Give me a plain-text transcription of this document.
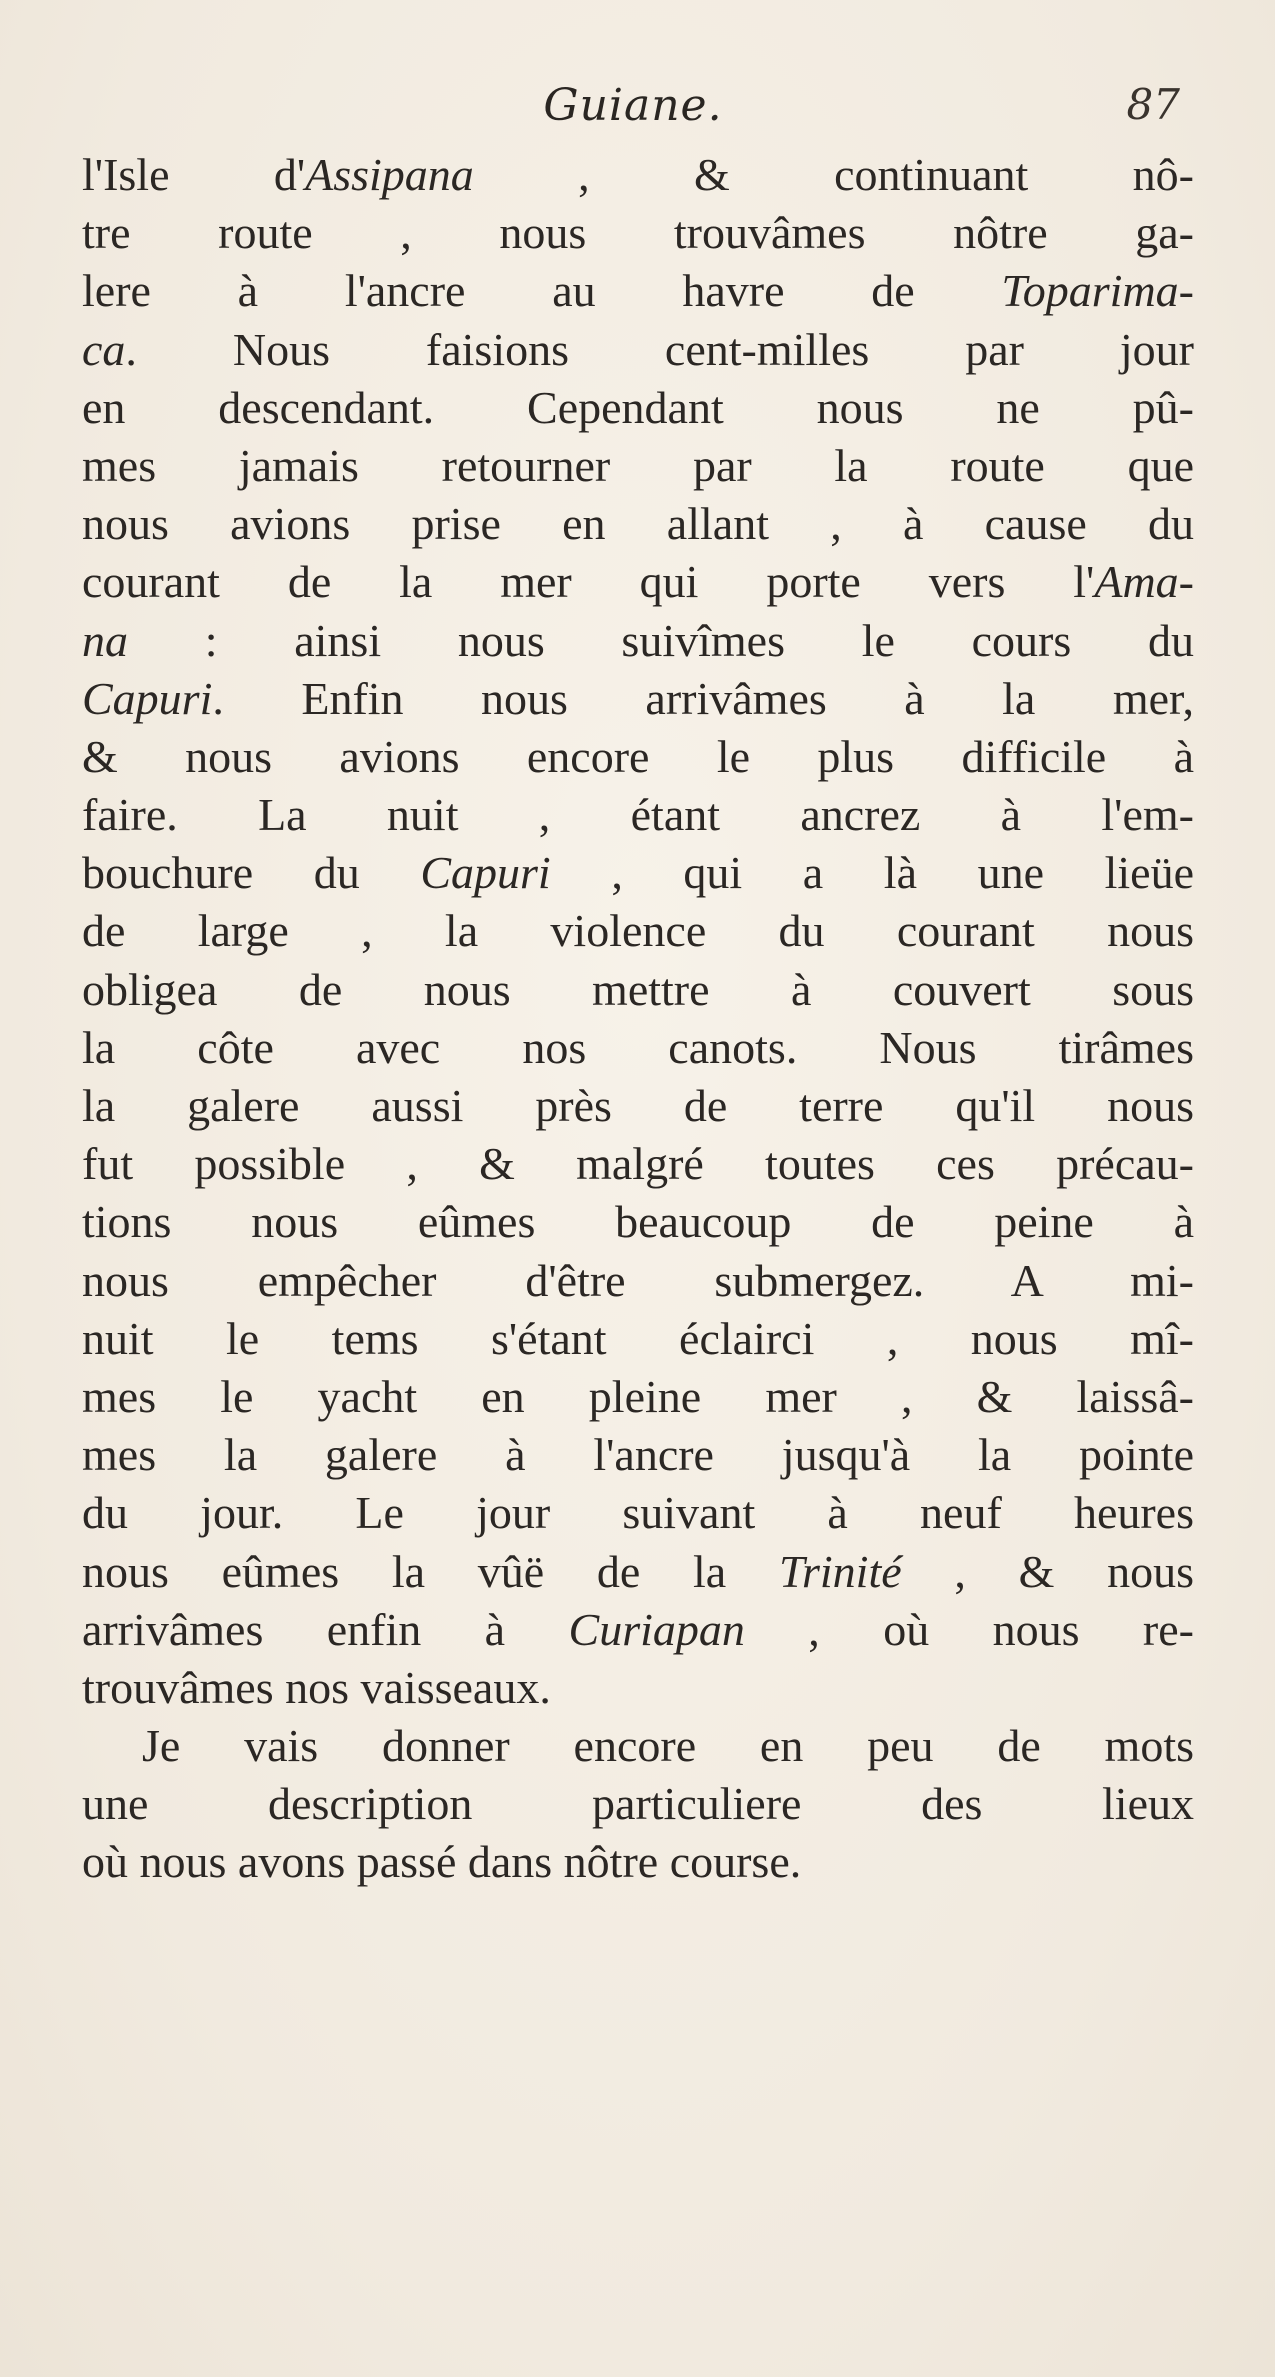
Guiane.	87
l'Isle d'Assipana , & continuant nô-
tre route , nous trouvâmes nôtre ga-
lere à l'ancre au havre de Toparima-
ca. Nous faisions cent-milles par jour
en descendant. Cependant nous ne pû-
mes jamais retourner par la route que
nous avions prise en allant , à cause du
courant de la mer qui porte vers l'Ama-
na : ainsi nous suivîmes le cours du
Capuri. Enfin nous arrivâmes à la mer,
& nous avions encore le plus difficile à
faire. La nuit , étant ancrez à l'em-
bouchure du Capuri , qui a là une lieüe
de large , la violence du courant nous
obligea de nous mettre à couvert sous
la côte avec nos canots. Nous tirâmes
la galere aussi près de terre qu'il nous
fut possible , & malgré toutes ces précau-
tions nous eûmes beaucoup de peine à
nous empêcher d'être submergez. A mi-
nuit le tems s'étant éclairci , nous mî-
mes le yacht en pleine mer , & laissâ-
mes la galere à l'ancre jusqu'à la pointe
du jour. Le jour suivant à neuf heures
nous eûmes la vûë de la Trinité , & nous
arrivâmes enfin à Curiapan , où nous re-
trouvâmes nos vaisseaux.
Je vais donner encore en peu de mots
une description particuliere des lieux
où nous avons passé dans nôtre course.
